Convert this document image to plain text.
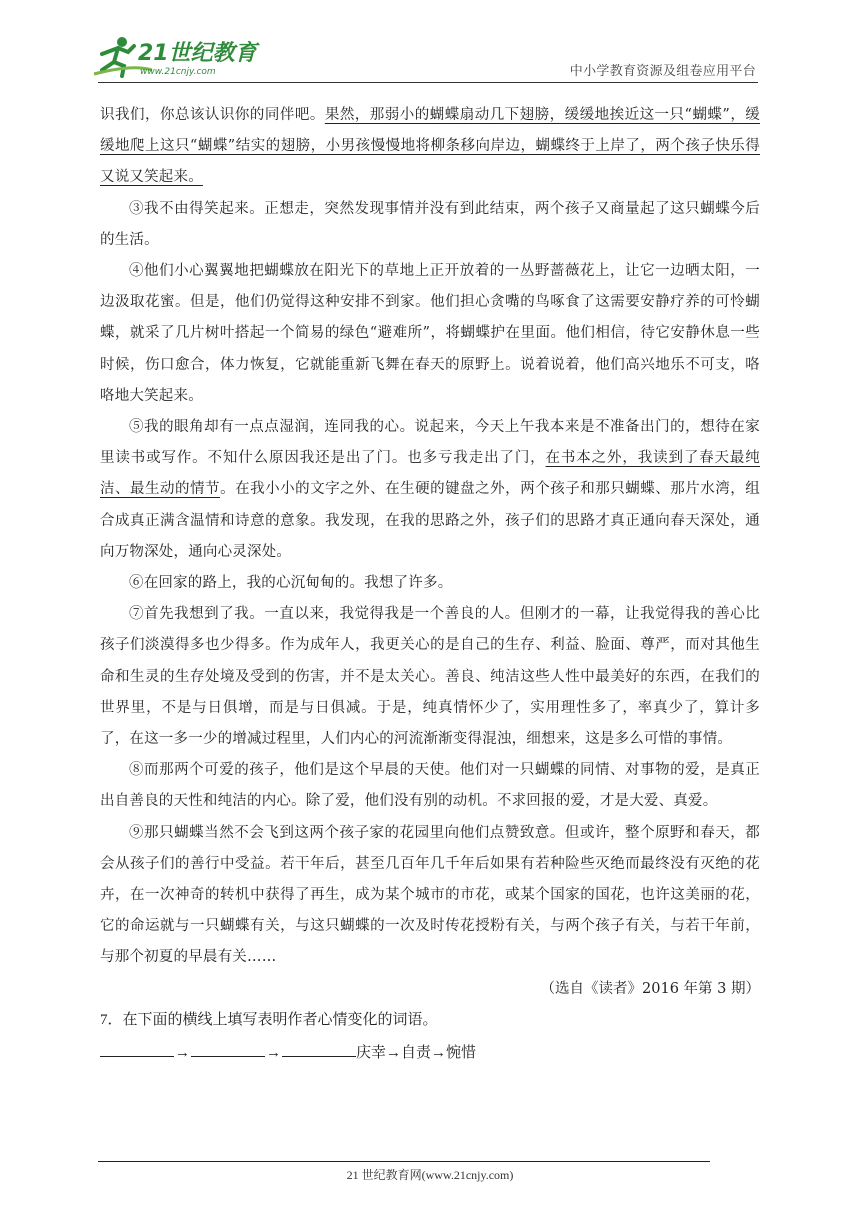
21世纪教育
www.21cnjy.com	中小学教育资源及组卷应用平台

识我们，你总该认识你的同伴吧。果然，那弱小的蝴蝶扇动几下翅膀，缓缓地挨近这一只“蝴蝶”，缓缓地爬上这只“蝴蝶”结实的翅膀，小男孩慢慢地将柳条移向岸边，蝴蝶终于上岸了，两个孩子快乐得又说又笑起来。

③我不由得笑起来。正想走，突然发现事情并没有到此结束，两个孩子又商量起了这只蝴蝶今后的生活。

④他们小心翼翼地把蝴蝶放在阳光下的草地上正开放着的一丛野蔷薇花上，让它一边晒太阳，一边汲取花蜜。但是，他们仍觉得这种安排不到家。他们担心贪嘴的鸟啄食了这需要安静疗养的可怜蝴蝶，就采了几片树叶搭起一个简易的绿色“避难所”，将蝴蝶护在里面。他们相信，待它安静休息一些时候，伤口愈合，体力恢复，它就能重新飞舞在春天的原野上。说着说着，他们高兴地乐不可支，咯咯地大笑起来。

⑤我的眼角却有一点点湿润，连同我的心。说起来，今天上午我本来是不准备出门的，想待在家里读书或写作。不知什么原因我还是出了门。也多亏我走出了门，在书本之外，我读到了春天最纯洁、最生动的情节。在我小小的文字之外、在生硬的键盘之外，两个孩子和那只蝴蝶、那片水湾，组合成真正满含温情和诗意的意象。我发现，在我的思路之外，孩子们的思路才真正通向春天深处，通向万物深处，通向心灵深处。

⑥在回家的路上，我的心沉甸甸的。我想了许多。

⑦首先我想到了我。一直以来，我觉得我是一个善良的人。但刚才的一幕，让我觉得我的善心比孩子们淡漠得多也少得多。作为成年人，我更关心的是自己的生存、利益、脸面、尊严，而对其他生命和生灵的生存处境及受到的伤害，并不是太关心。善良、纯洁这些人性中最美好的东西，在我们的世界里，不是与日俱增，而是与日俱减。于是，纯真情怀少了，实用理性多了，率真少了，算计多了，在这一多一少的增减过程里，人们内心的河流渐渐变得混浊，细想来，这是多么可惜的事情。

⑧而那两个可爱的孩子，他们是这个早晨的天使。他们对一只蝴蝶的同情、对事物的爱，是真正出自善良的天性和纯洁的内心。除了爱，他们没有别的动机。不求回报的爱，才是大爱、真爱。

⑨那只蝴蝶当然不会飞到这两个孩子家的花园里向他们点赞致意。但或许，整个原野和春天，都会从孩子们的善行中受益。若干年后，甚至几百年几千年后如果有若种险些灭绝而最终没有灭绝的花卉，在一次神奇的转机中获得了再生，成为某个城市的市花，或某个国家的国花，也许这美丽的花，它的命运就与一只蝴蝶有关，与这只蝴蝶的一次及时传花授粉有关，与两个孩子有关，与若干年前，与那个初夏的早晨有关……

（选自《读者》2016 年第 3 期）

7．在下面的横线上填写表明作者心情变化的词语。

→	→	庆幸→自责→惋惜

21 世纪教育网(www.21cnjy.com)
